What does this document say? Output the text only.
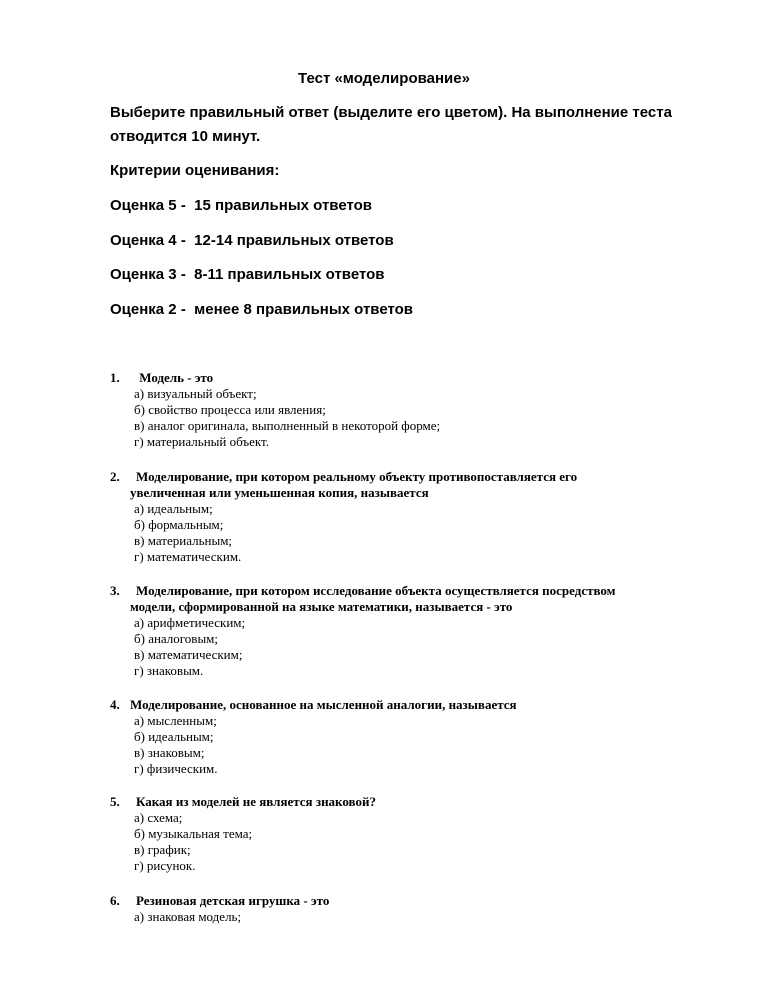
Тест «моделирование»
Выберите правильный ответ (выделите его цветом). На выполнение теста отводится 10 минут.
Критерии оценивания:
Оценка 5 - 15 правильных ответов
Оценка 4 - 12-14 правильных ответов
Оценка 3 - 8-11 правильных ответов
Оценка 2 -  менее 8 правильных ответов
1. Модель - это
а) визуальный объект;
б) свойство процесса или явления;
в) аналог оригинала, выполненный в некоторой форме;
г) материальный объект.
2. Моделирование, при котором реальному объекту противопоставляется его
увеличенная или уменьшенная копия, называется
а) идеальным;
б) формальным;
в) материальным;
г) математическим.
3. Моделирование, при котором исследование объекта осуществляется посредством
модели, сформированной на языке математики, называется - это
а) арифметическим;
б) аналоговым;
в) математическим;
г) знаковым.
4. Моделирование, основанное на мысленной аналогии, называется
а) мысленным;
б) идеальным;
в) знаковым;
г) физическим.
5. Какая из моделей не является знаковой?
а) схема;
б) музыкальная тема;
в) график;
г) рисунок.
6. Резиновая детская игрушка - это
а) знаковая модель;
